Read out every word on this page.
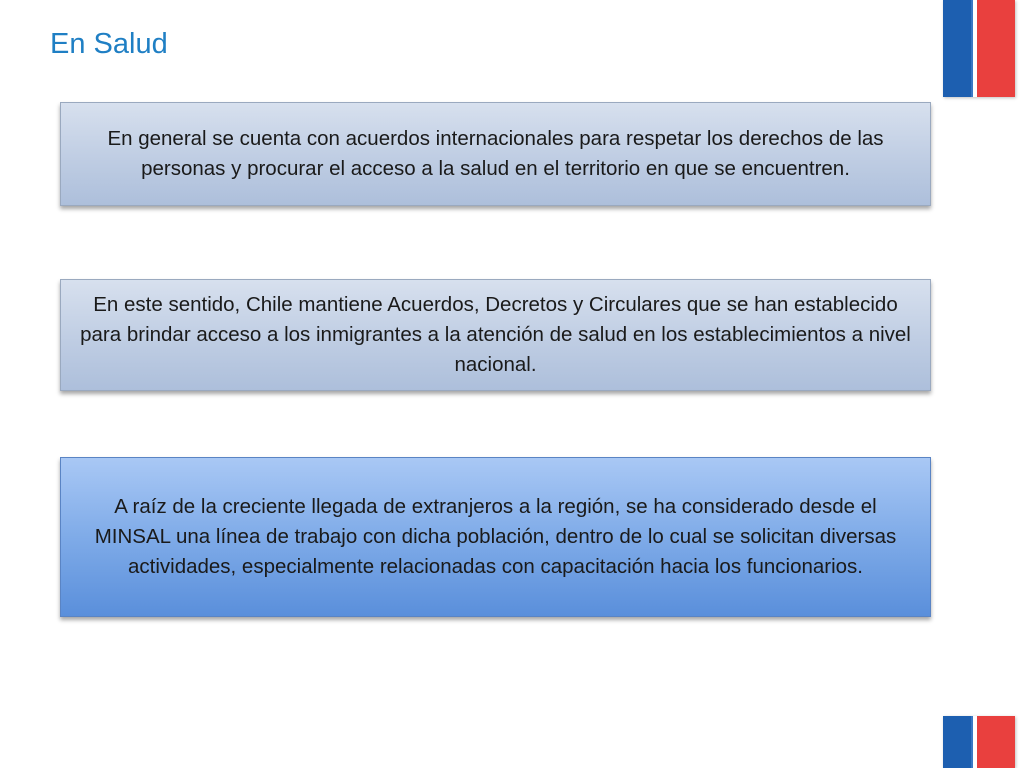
En Salud
En general se cuenta con acuerdos internacionales para respetar los derechos de las personas y procurar el acceso a la salud en el territorio en que se encuentren.
En este sentido, Chile mantiene Acuerdos, Decretos y Circulares que se han establecido para brindar acceso a los inmigrantes a la atención de salud en los establecimientos a nivel nacional.
A raíz de la creciente llegada de extranjeros a la región, se ha considerado desde el MINSAL una línea de trabajo con dicha población, dentro de lo cual se solicitan diversas actividades, especialmente relacionadas con capacitación hacia los funcionarios.
